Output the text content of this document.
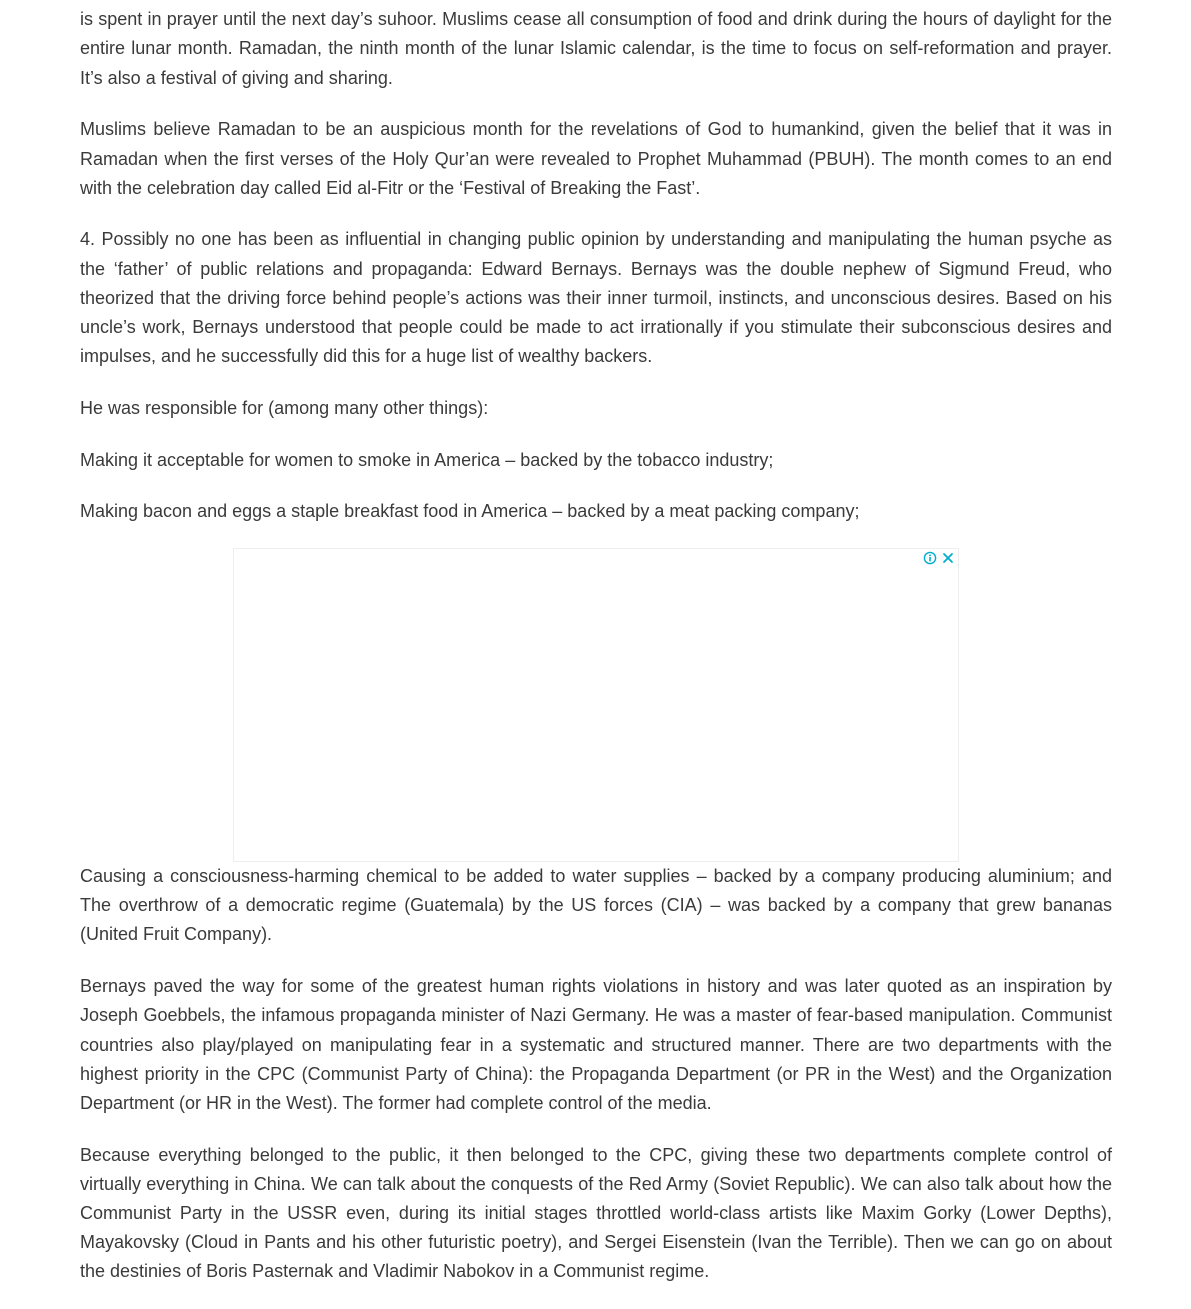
is spent in prayer until the next day’s suhoor. Muslims cease all consumption of food and drink during the hours of daylight for the entire lunar month. Ramadan, the ninth month of the lunar Islamic calendar, is the time to focus on self-reformation and prayer. It’s also a festival of giving and sharing.

Muslims believe Ramadan to be an auspicious month for the revelations of God to humankind, given the belief that it was in Ramadan when the first verses of the Holy Qur’an were revealed to Prophet Muhammad (PBUH). The month comes to an end with the celebration day called Eid al-Fitr or the ‘Festival of Breaking the Fast’.

4. Possibly no one has been as influential in changing public opinion by understanding and manipulating the human psyche as the ‘father’ of public relations and propaganda: Edward Bernays. Bernays was the double nephew of Sigmund Freud, who theorized that the driving force behind people’s actions was their inner turmoil, instincts, and unconscious desires. Based on his uncle’s work, Bernays understood that people could be made to act irrationally if you stimulate their subconscious desires and impulses, and he successfully did this for a huge list of wealthy backers.

He was responsible for (among many other things):

Making it acceptable for women to smoke in America – backed by the tobacco industry;

Making bacon and eggs a staple breakfast food in America – backed by a meat packing company;

Causing a consciousness-harming chemical to be added to water supplies – backed by a company producing aluminium; and The overthrow of a democratic regime (Guatemala) by the US forces (CIA) – was backed by a company that grew bananas (United Fruit Company).

Bernays paved the way for some of the greatest human rights violations in history and was later quoted as an inspiration by Joseph Goebbels, the infamous propaganda minister of Nazi Germany. He was a master of fear-based manipulation. Communist countries also play/played on manipulating fear in a systematic and structured manner. There are two departments with the highest priority in the CPC (Communist Party of China): the Propaganda Department (or PR in the West) and the Organization Department (or HR in the West). The former had complete control of the media.

Because everything belonged to the public, it then belonged to the CPC, giving these two departments complete control of virtually everything in China. We can talk about the conquests of the Red Army (Soviet Republic). We can also talk about how the Communist Party in the USSR even, during its initial stages throttled world-class artists like Maxim Gorky (Lower Depths), Mayakovsky (Cloud in Pants and his other futuristic poetry), and Sergei Eisenstein (Ivan the Terrible). Then we can go on about the destinies of Boris Pasternak and Vladimir Nabokov in a Communist regime.
